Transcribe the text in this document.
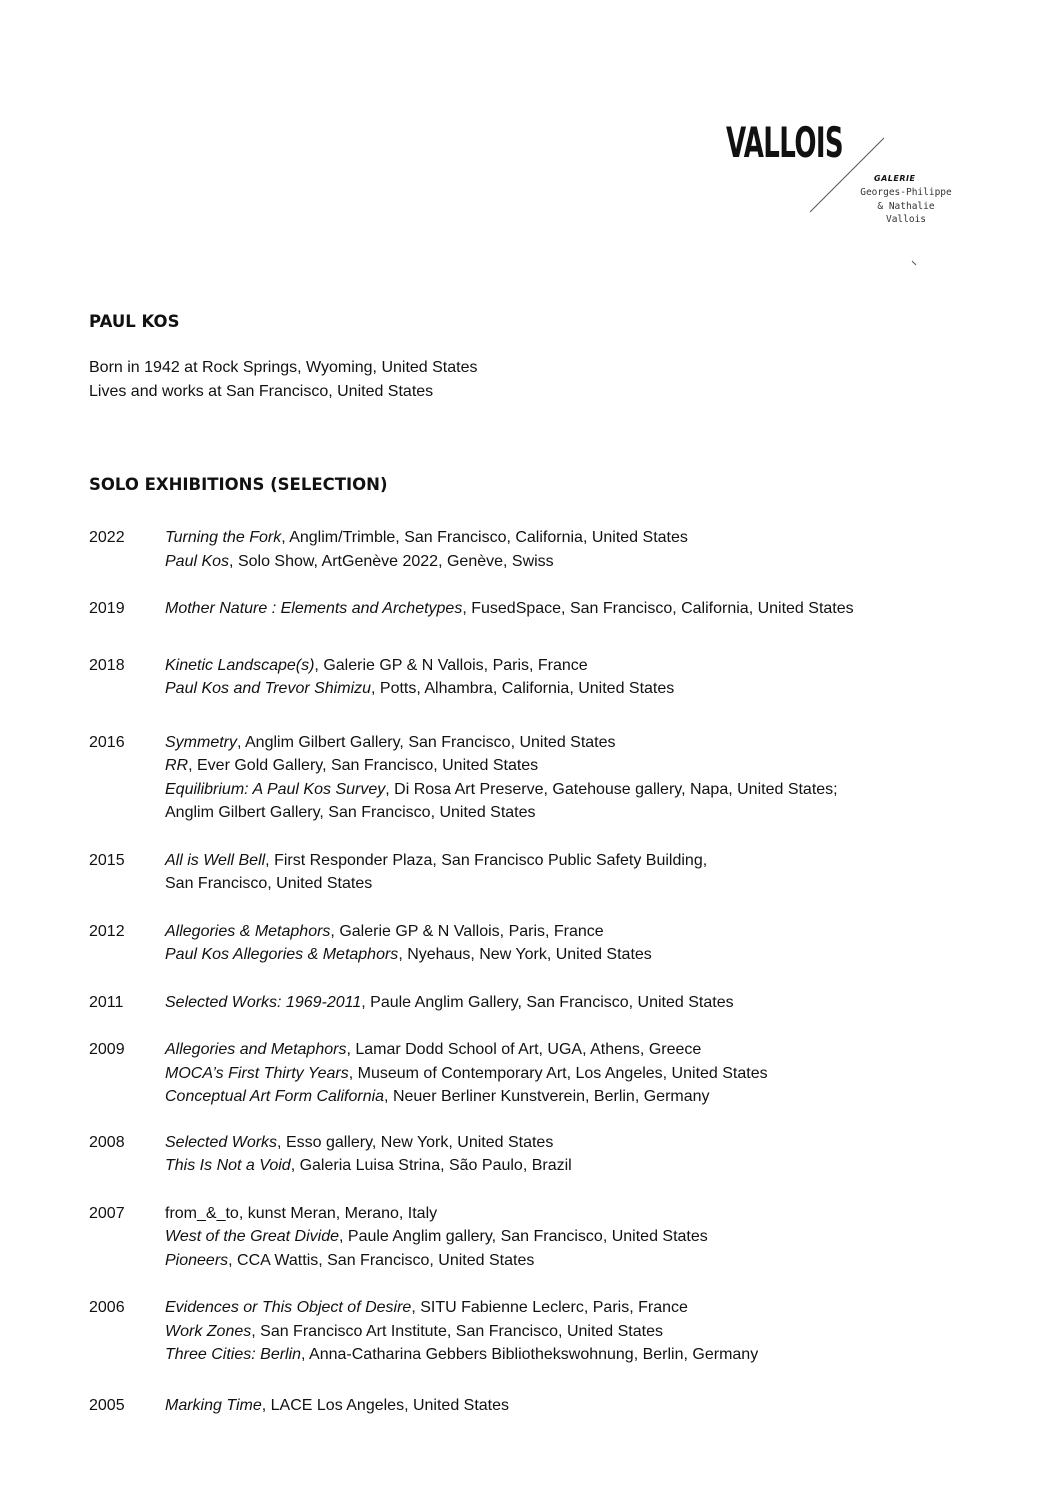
VALLOIS
GALERIE
Georges-Philippe
& Nathalie
Vallois
PAUL KOS
Born in 1942 at Rock Springs, Wyoming, United States
Lives and works at San Francisco, United States
SOLO EXHIBITIONS (SELECTION)
2022	Turning the Fork, Anglim/Trimble, San Francisco, California, United States
Paul Kos, Solo Show, ArtGenève 2022, Genève, Swiss
2019	Mother Nature : Elements and Archetypes, FusedSpace, San Francisco, California, United States
2018	Kinetic Landscape(s), Galerie GP & N Vallois, Paris, France
Paul Kos and Trevor Shimizu, Potts, Alhambra, California, United States
2016	Symmetry, Anglim Gilbert Gallery, San Francisco, United States
RR, Ever Gold Gallery, San Francisco, United States
Equilibrium: A Paul Kos Survey, Di Rosa Art Preserve, Gatehouse gallery, Napa, United States;
Anglim Gilbert Gallery, San Francisco, United States
2015	All is Well Bell, First Responder Plaza, San Francisco Public Safety Building,
San Francisco, United States
2012	Allegories & Metaphors, Galerie GP & N Vallois, Paris, France
Paul Kos Allegories & Metaphors, Nyehaus, New York, United States
2011	Selected Works: 1969-2011, Paule Anglim Gallery, San Francisco, United States
2009	Allegories and Metaphors, Lamar Dodd School of Art, UGA, Athens, Greece
MOCA’s First Thirty Years, Museum of Contemporary Art, Los Angeles, United States
Conceptual Art Form California, Neuer Berliner Kunstverein, Berlin, Germany
2008	Selected Works, Esso gallery, New York, United States
This Is Not a Void, Galeria Luisa Strina, São Paulo, Brazil
2007	from_&_to, kunst Meran, Merano, Italy
West of the Great Divide, Paule Anglim gallery, San Francisco, United States
Pioneers, CCA Wattis, San Francisco, United States
2006	Evidences or This Object of Desire, SITU Fabienne Leclerc, Paris, France
Work Zones, San Francisco Art Institute, San Francisco, United States
Three Cities: Berlin, Anna-Catharina Gebbers Bibliothekswohnung, Berlin, Germany
2005	Marking Time, LACE Los Angeles, United States
